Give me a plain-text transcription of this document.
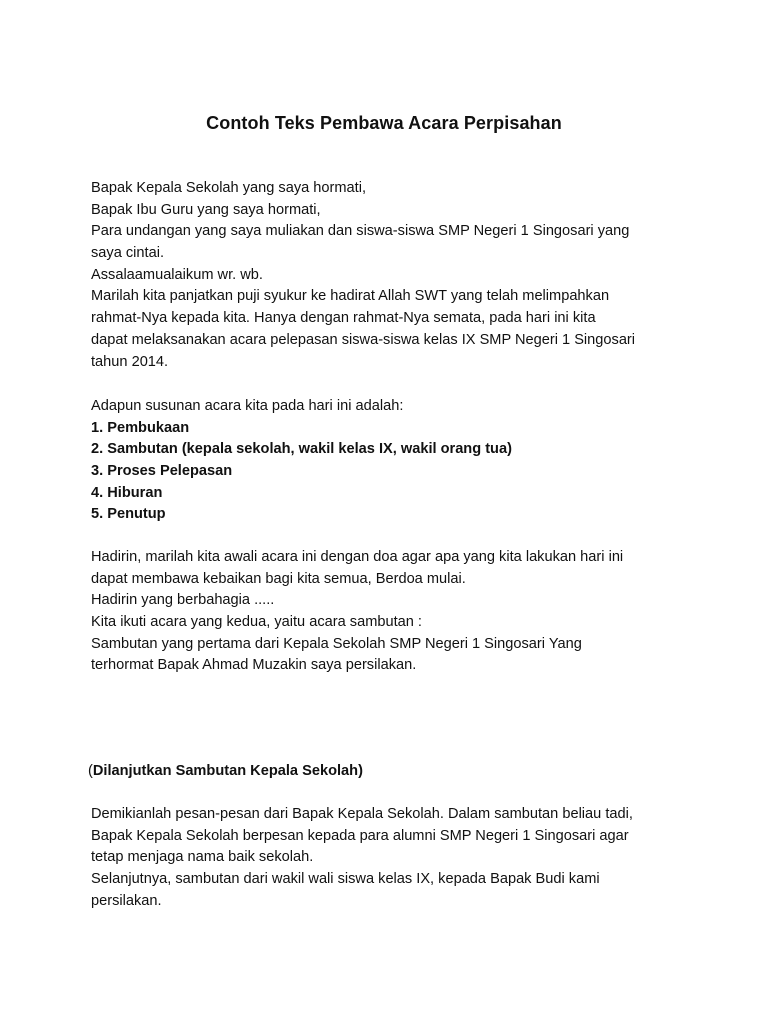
Contoh Teks Pembawa Acara Perpisahan
Bapak Kepala Sekolah yang saya hormati,
Bapak Ibu Guru yang saya hormati,
Para undangan yang saya muliakan dan siswa-siswa SMP Negeri 1 Singosari yang
saya cintai.
Assalaamualaikum wr. wb.
Marilah kita panjatkan puji syukur ke hadirat Allah SWT yang telah melimpahkan
rahmat-Nya kepada kita. Hanya dengan rahmat-Nya semata, pada hari ini kita
dapat melaksanakan acara pelepasan siswa-siswa kelas IX SMP Negeri 1 Singosari
tahun 2014.
Adapun susunan acara kita pada hari ini adalah:
1. Pembukaan
2. Sambutan (kepala sekolah, wakil kelas IX, wakil orang tua)
3. Proses Pelepasan
4. Hiburan
5. Penutup
Hadirin, marilah kita awali acara ini dengan doa agar apa yang kita lakukan hari ini
dapat membawa kebaikan bagi kita semua, Berdoa mulai.
Hadirin yang berbahagia .....
Kita ikuti acara yang kedua, yaitu acara sambutan :
Sambutan yang pertama dari Kepala Sekolah SMP Negeri 1 Singosari Yang
terhormat Bapak Ahmad Muzakin saya persilakan.
(Dilanjutkan Sambutan Kepala Sekolah)
Demikianlah pesan-pesan dari Bapak Kepala Sekolah. Dalam sambutan beliau tadi,
Bapak Kepala Sekolah berpesan kepada para alumni SMP Negeri 1 Singosari agar
tetap menjaga nama baik sekolah.
Selanjutnya, sambutan dari wakil wali siswa kelas IX, kepada Bapak Budi kami
persilakan.
